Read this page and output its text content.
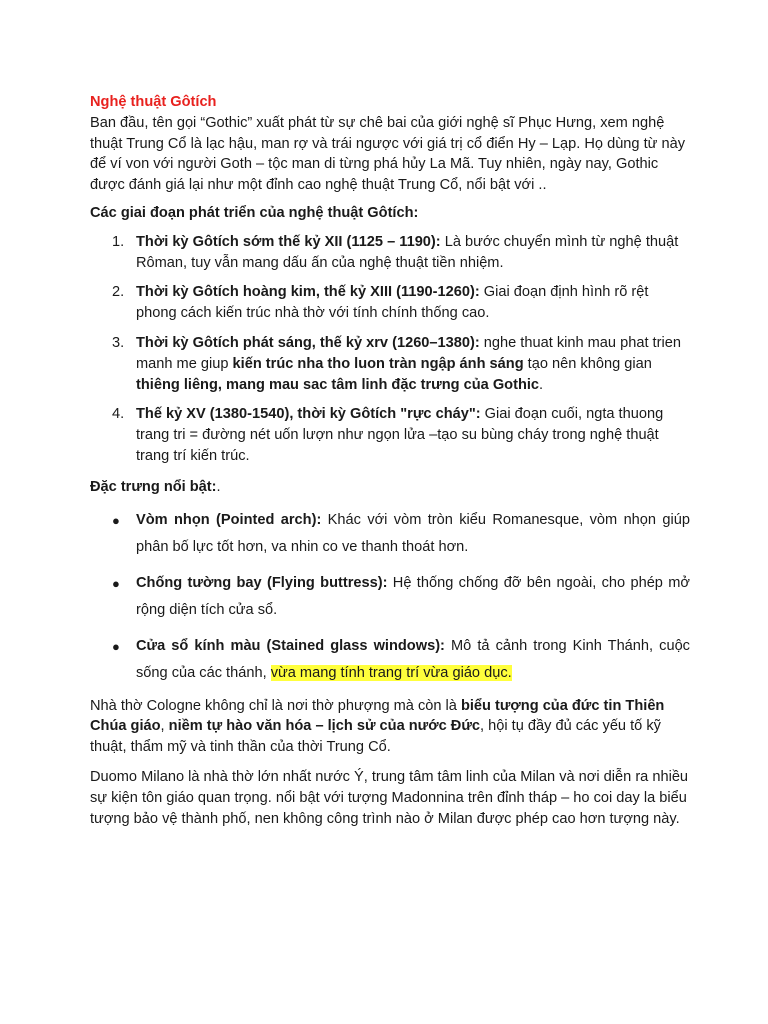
Nghệ thuật Gôtích

Ban đầu, tên gọi “Gothic” xuất phát từ sự chê bai của giới nghệ sĩ Phục Hưng, xem nghệ thuật Trung Cổ là lạc hậu, man rợ và trái ngược với giá trị cổ điển Hy – Lạp. Họ dùng từ này để ví von với người Goth – tộc man di từng phá hủy La Mã. Tuy nhiên, ngày nay, Gothic được đánh giá lại như một đỉnh cao nghệ thuật Trung Cổ, nổi bật với ..

Các giai đoạn phát triển của nghệ thuật Gôtích:

1. Thời kỳ Gôtích sớm thế kỷ XII (1125 – 1190): Là bước chuyển mình từ nghệ thuật Rôman, tuy vẫn mang dấu ấn của nghệ thuật tiền nhiệm.
2. Thời kỳ Gôtích hoàng kim, thế kỷ XIII (1190-1260): Giai đoạn định hình rõ rệt phong cách kiến trúc nhà thờ với tính chính thống cao.
3. Thời kỳ Gôtích phát sáng, thế kỷ xrv (1260–1380): nghe thuat kinh mau phat trien manh me giup kiến trúc nha tho luon tràn ngập ánh sáng tạo nên không gian thiêng liêng, mang mau sac tâm linh đặc trưng của Gothic.
4. Thế kỷ XV (1380-1540), thời kỳ Gôtích "rực cháy": Giai đoạn cuối, ngta thuong trang tri = đường nét uốn lượn như ngọn lửa –tạo su bùng cháy trong nghệ thuật trang trí kiến trúc.

Đặc trưng nổi bật:.

● Vòm nhọn (Pointed arch): Khác với vòm tròn kiểu Romanesque, vòm nhọn giúp phân bố lực tốt hơn, va nhin co ve thanh thoát hơn.
● Chống tường bay (Flying buttress): Hệ thống chống đỡ bên ngoài, cho phép mở rộng diện tích cửa sổ.
● Cửa sổ kính màu (Stained glass windows): Mô tả cảnh trong Kinh Thánh, cuộc sống của các thánh, vừa mang tính trang trí vừa giáo dục.

Nhà thờ Cologne không chỉ là nơi thờ phượng mà còn là biểu tượng của đức tin Thiên Chúa giáo, niềm tự hào văn hóa – lịch sử của nước Đức, hội tụ đầy đủ các yếu tố kỹ thuật, thẩm mỹ và tinh thần của thời Trung Cổ.

Duomo Milano là nhà thờ lớn nhất nước Ý, trung tâm tâm linh của Milan và nơi diễn ra nhiều sự kiện tôn giáo quan trọng. nổi bật với tượng Madonnina trên đỉnh tháp – ho coi day la biểu tượng bảo vệ thành phố, nen không công trình nào ở Milan được phép cao hơn tượng này.
